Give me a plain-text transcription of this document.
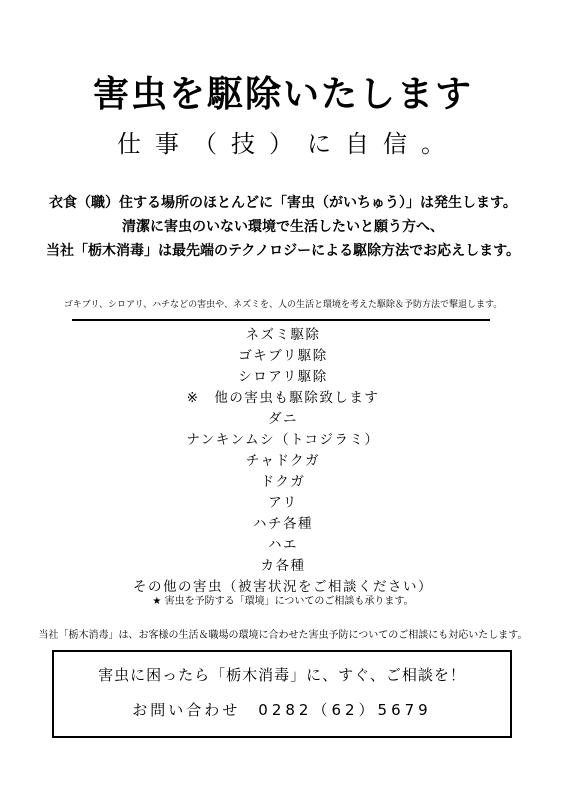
害虫を駆除いたします
仕事（技）に自信。
衣食（職）住する場所のほとんどに「害虫（がいちゅう）」は発生します。
清潔に害虫のいない環境で生活したいと願う方へ、
当社「栃木消毒」は最先端のテクノロジーによる駆除方法でお応えします。
ゴキブリ、シロアリ、ハチなどの害虫や、ネズミを、人の生活と環境を考えた駆除＆予防方法で撃退します。
ネズミ駆除
ゴキブリ駆除
シロアリ駆除
※　他の害虫も駆除致します
ダニ
ナンキンムシ（トコジラミ）
チャドクガ
ドクガ
アリ
ハチ各種
ハエ
カ各種
その他の害虫（被害状況をご相談ください）
★ 害虫を予防する「環境」についてのご相談も承ります。
当社「栃木消毒」は、お客様の生活＆職場の環境に合わせた害虫予防についてのご相談にも対応いたします。
害虫に困ったら「栃木消毒」に、すぐ、ご相談を！
お問い合わせ 0282（62）5679
